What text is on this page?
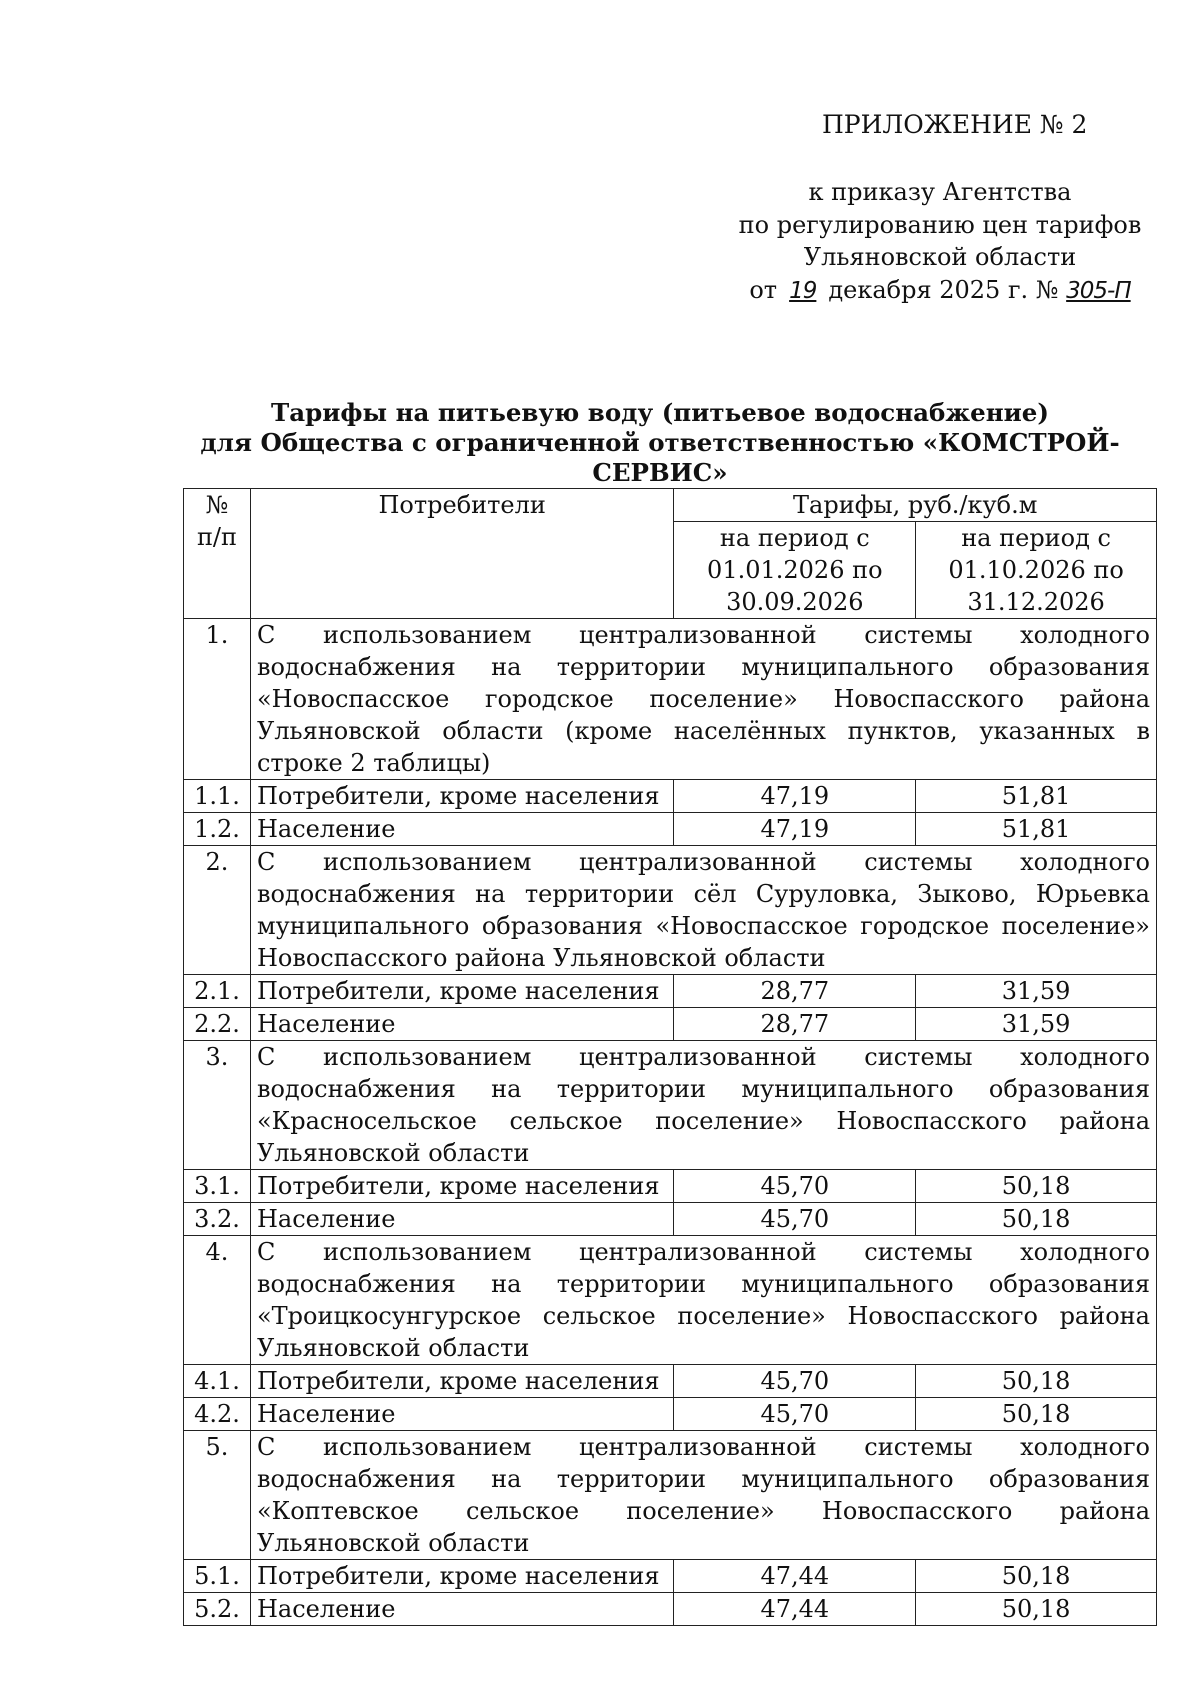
ПРИЛОЖЕНИЕ № 2
к приказу Агентства
по регулированию цен тарифов
Ульяновской области
от 19 декабря 2025 г. № 305-П
Тарифы на питьевую воду (питьевое водоснабжение)
для Общества с ограниченной ответственностью «КОМСТРОЙ-СЕРВИС»
№ п/п	Потребители	Тарифы, руб./куб.м	
		на период с 01.01.2026 по 30.09.2026	на период с 01.10.2026 по 31.12.2026
1.	С использованием централизованной системы холодного водоснабжения на территории муниципального образования «Новоспасское городское поселение» Новоспасского района Ульяновской области (кроме населённых пунктов, указанных в строке 2 таблицы)		
1.1.	Потребители, кроме населения	47,19	51,81
1.2.	Население	47,19	51,81
2.	С использованием централизованной системы холодного водоснабжения на территории сёл Суруловка, Зыково, Юрьевка муниципального образования «Новоспасское городское поселение» Новоспасского района Ульяновской области		
2.1.	Потребители, кроме населения	28,77	31,59
2.2.	Население	28,77	31,59
3.	С использованием централизованной системы холодного водоснабжения на территории муниципального образования «Красносельское сельское поселение» Новоспасского района Ульяновской области		
3.1.	Потребители, кроме населения	45,70	50,18
3.2.	Население	45,70	50,18
4.	С использованием централизованной системы холодного водоснабжения на территории муниципального образования «Троицкосунгурское сельское поселение» Новоспасского района Ульяновской области		
4.1.	Потребители, кроме населения	45,70	50,18
4.2.	Население	45,70	50,18
5.	С использованием централизованной системы холодного водоснабжения на территории муниципального образования «Коптевское сельское поселение» Новоспасского района Ульяновской области		
5.1.	Потребители, кроме населения	47,44	50,18
5.2.	Население	47,44	50,18
